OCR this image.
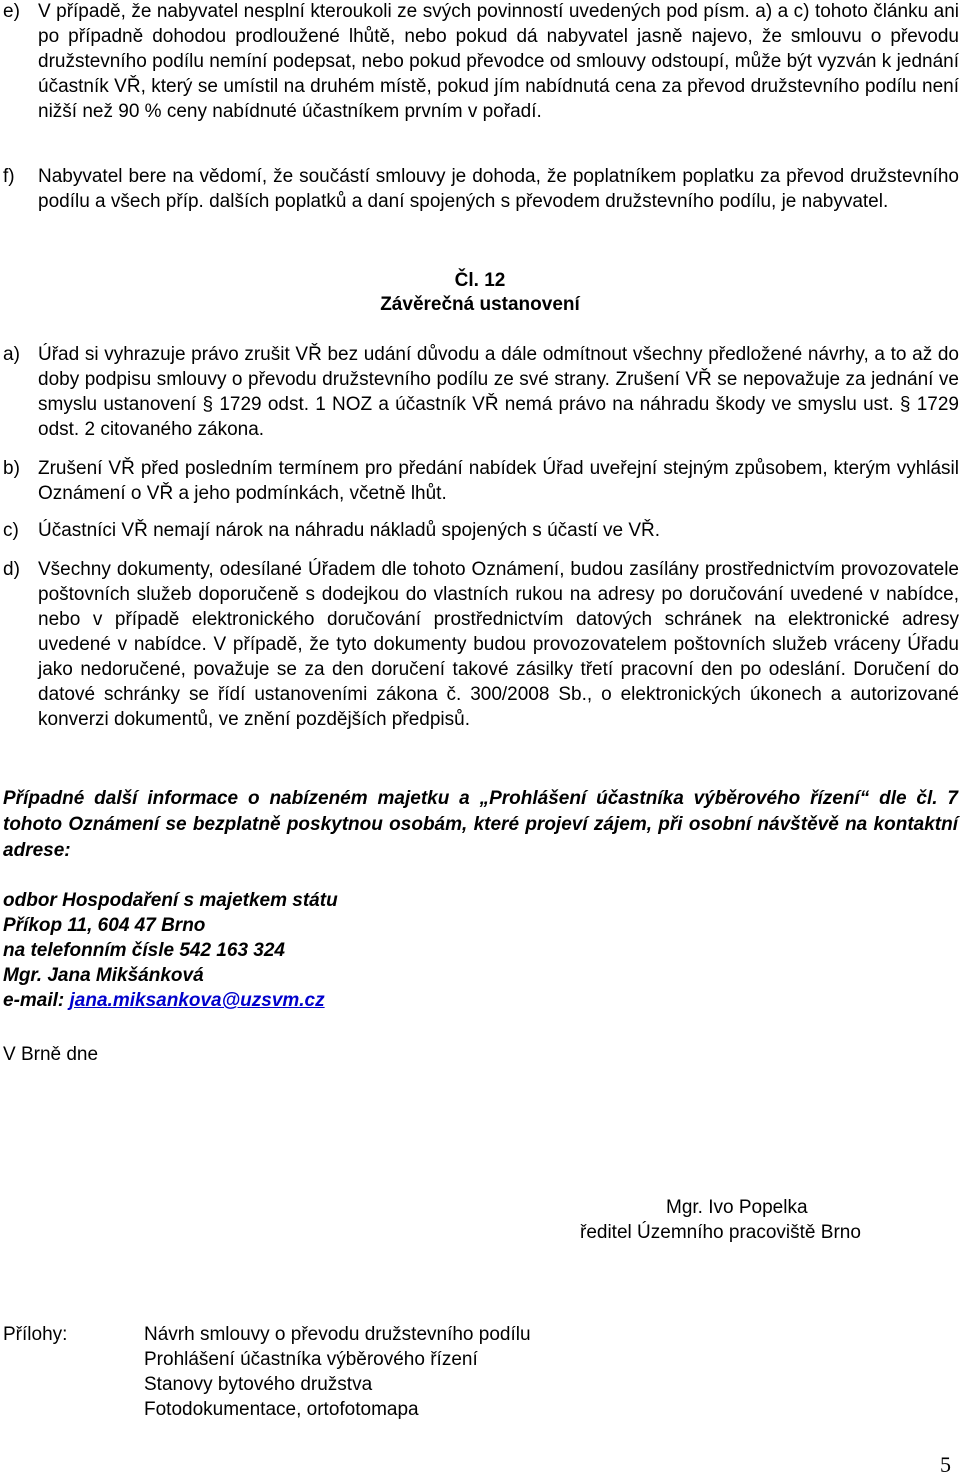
e) V případě, že nabyvatel nesplní kteroukoli ze svých povinností uvedených pod písm. a) a c) tohoto článku ani po případně dohodou prodloužené lhůtě, nebo pokud dá nabyvatel jasně najevo, že smlouvu o převodu družstevního podílu nemíní podepsat, nebo pokud převodce od smlouvy odstoupí, může být vyzván k jednání účastník VŘ, který se umístil na druhém místě, pokud jím nabídnutá cena za převod družstevního podílu není nižší než 90 % ceny nabídnuté účastníkem prvním v pořadí.
f) Nabyvatel bere na vědomí, že součástí smlouvy je dohoda, že poplatníkem poplatku za převod družstevního podílu a všech příp. dalších poplatků a daní spojených s převodem družstevního podílu, je nabyvatel.
Čl. 12
Závěrečná ustanovení
a) Úřad si vyhrazuje právo zrušit VŘ bez udání důvodu a dále odmítnout všechny předložené návrhy, a to až do doby podpisu smlouvy o převodu družstevního podílu ze své strany. Zrušení VŘ se nepovažuje za jednání ve smyslu ustanovení § 1729 odst. 1 NOZ a účastník VŘ nemá právo na náhradu škody ve smyslu ust. § 1729 odst. 2 citovaného zákona.
b) Zrušení VŘ před posledním termínem pro předání nabídek Úřad uveřejní stejným způsobem, kterým vyhlásil Oznámení o VŘ a jeho podmínkách, včetně lhůt.
c) Účastníci VŘ nemají nárok na náhradu nákladů spojených s účastí ve VŘ.
d) Všechny dokumenty, odesílané Úřadem dle tohoto Oznámení, budou zasílány prostřednictvím provozovatele poštovních služeb doporučeně s dodejkou do vlastních rukou na adresy po doručování uvedené v nabídce, nebo v případě elektronického doručování prostřednictvím datových schránek na elektronické adresy uvedené v nabídce. V případě, že tyto dokumenty budou provozovatelem poštovních služeb vráceny Úřadu jako nedoručené, považuje se za den doručení takové zásilky třetí pracovní den po odeslání. Doručení do datové schránky se řídí ustanoveními zákona č. 300/2008 Sb., o elektronických úkonech a autorizované konverzi dokumentů, ve znění pozdějších předpisů.
Případné další informace o nabízeném majetku a „Prohlášení účastníka výběrového řízení“ dle čl. 7 tohoto Oznámení se bezplatně poskytnou osobám, které projeví zájem, při osobní návštěvě na kontaktní adrese:
odbor Hospodaření s majetkem státu
Příkop 11, 604 47 Brno
na telefonním čísle 542 163 324
Mgr. Jana Mikšánková
e-mail: jana.miksankova@uzsvm.cz
V Brně dne
Mgr. Ivo Popelka
ředitel Územního pracoviště Brno
Přílohy:	Návrh smlouvy o převodu družstevního podílu
Prohlášení účastníka výběrového řízení
Stanovy bytového družstva
Fotodokumentace, ortofotomapa
5
